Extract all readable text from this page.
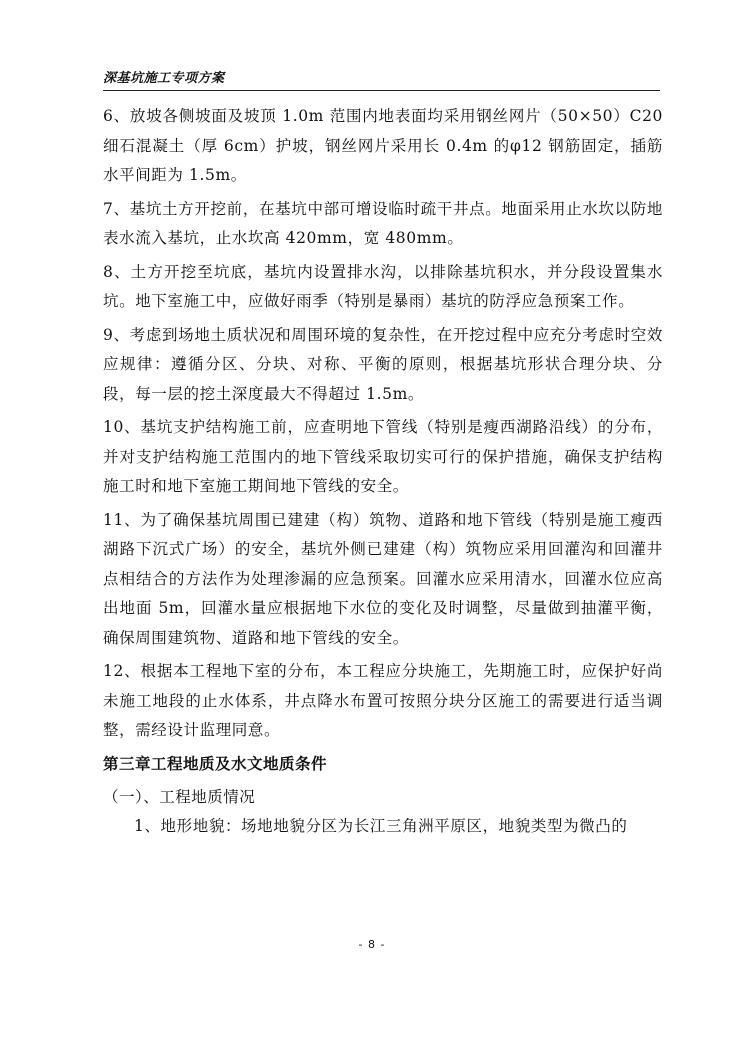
深基坑施工专项方案

6、放坡各侧坡面及坡顶 1.0m 范围内地表面均采用钢丝网片（50×50）C20 细石混凝土（厚 6cm）护坡，钢丝网片采用长 0.4m 的φ12 钢筋固定，插筋水平间距为 1.5m。

7、基坑土方开挖前，在基坑中部可增设临时疏干井点。地面采用止水坎以防地表水流入基坑，止水坎高 420mm，宽 480mm。

8、土方开挖至坑底，基坑内设置排水沟，以排除基坑积水，并分段设置集水坑。地下室施工中，应做好雨季（特别是暴雨）基坑的防浮应急预案工作。

9、考虑到场地土质状况和周围环境的复杂性，在开挖过程中应充分考虑时空效应规律：遵循分区、分块、对称、平衡的原则，根据基坑形状合理分块、分段，每一层的挖土深度最大不得超过 1.5m。

10、基坑支护结构施工前，应查明地下管线（特别是瘦西湖路沿线）的分布，并对支护结构施工范围内的地下管线采取切实可行的保护措施，确保支护结构施工时和地下室施工期间地下管线的安全。

11、为了确保基坑周围已建建（构）筑物、道路和地下管线（特别是施工瘦西湖路下沉式广场）的安全，基坑外侧已建建（构）筑物应采用回灌沟和回灌井点相结合的方法作为处理渗漏的应急预案。回灌水应采用清水，回灌水位应高出地面 5m，回灌水量应根据地下水位的变化及时调整，尽量做到抽灌平衡，确保周围建筑物、道路和地下管线的安全。

12、根据本工程地下室的分布，本工程应分块施工，先期施工时，应保护好尚未施工地段的止水体系，井点降水布置可按照分块分区施工的需要进行适当调整，需经设计监理同意。

第三章工程地质及水文地质条件
（一）、工程地质情况

1、地形地貌：场地地貌分区为长江三角洲平原区，地貌类型为微凸的

- 8 -
